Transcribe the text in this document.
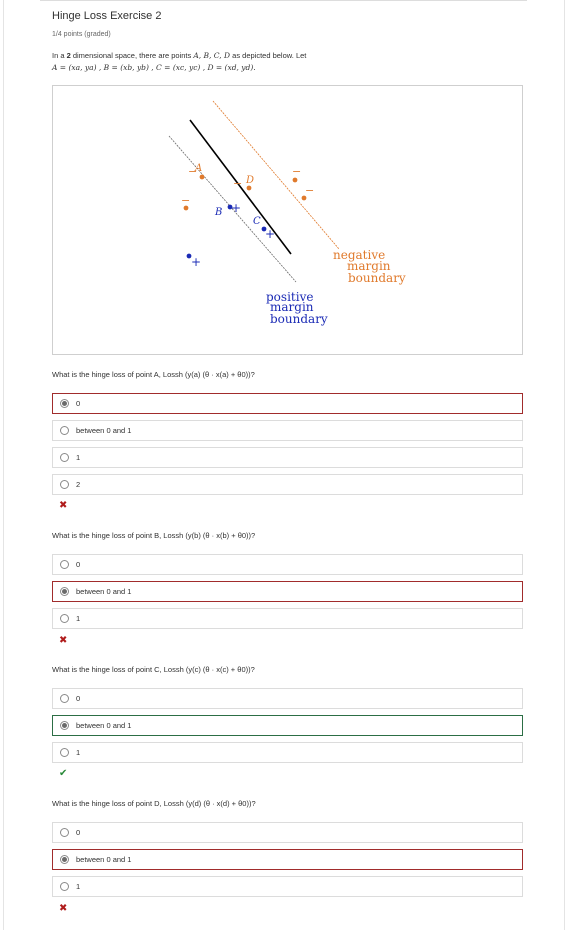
Hinge Loss Exercise 2
1/4 points (graded)
In a 2 dimensional space, there are points A, B, C, D as depicted below. Let
A = (xa, ya) , B = (xb, yb) , C = (xc, yc) , D = (xd, yd).
A
−
D
−
−
−
−
B +
C
+
+	negative
margin
boundary
positive
margin
boundary
What is the hinge loss of point A, Lossh (y(a) (θ · x(a) + θ0))?
0
between 0 and 1
1
2
✖
What is the hinge loss of point B, Lossh (y(b) (θ · x(b) + θ0))?
0
between 0 and 1
1
✖
What is the hinge loss of point C, Lossh (y(c) (θ · x(c) + θ0))?
0
between 0 and 1
1
✔
What is the hinge loss of point D, Lossh (y(d) (θ · x(d) + θ0))?
0
between 0 and 1
1
✖
